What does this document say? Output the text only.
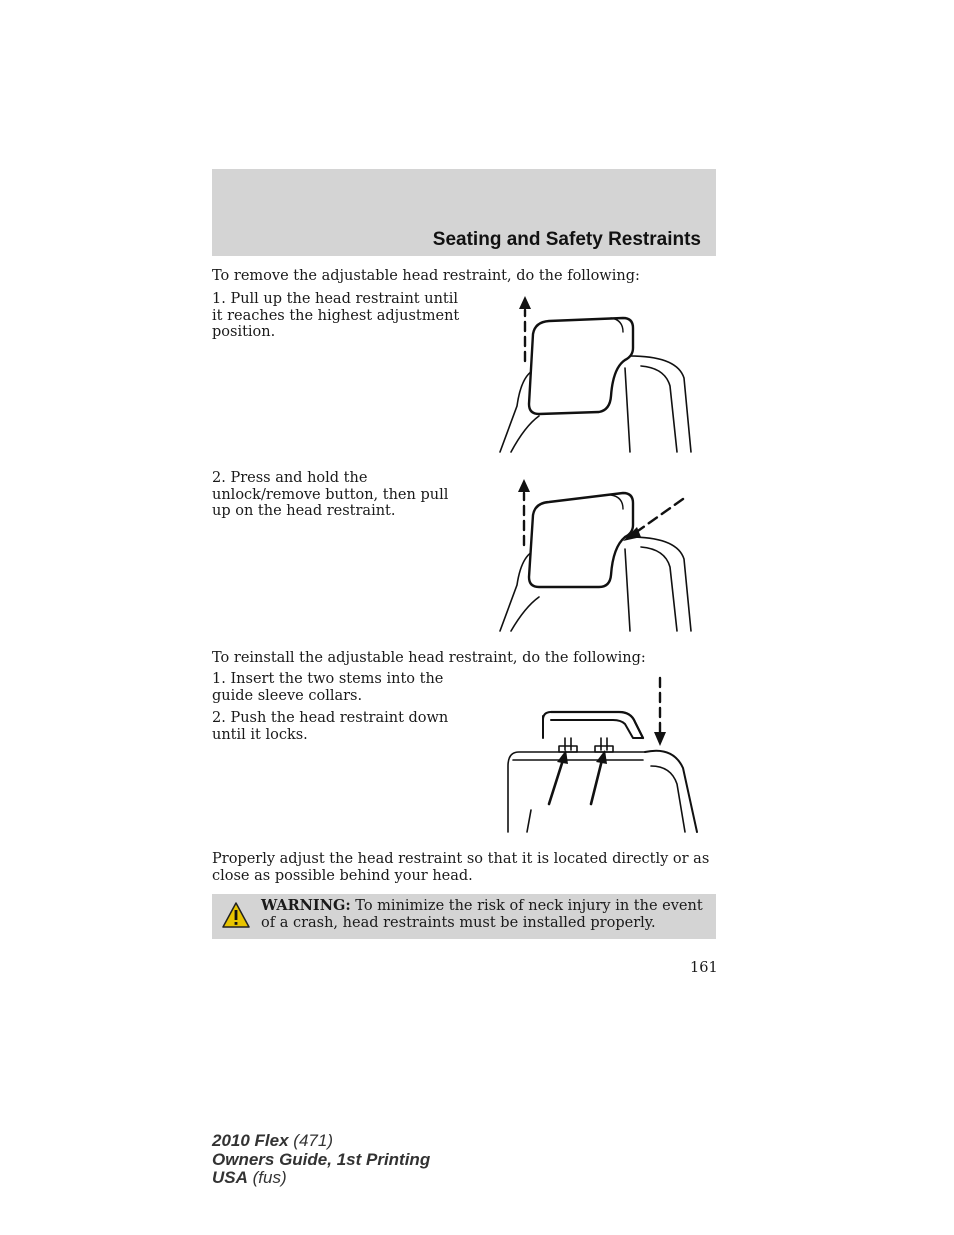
Seating and Safety Restraints

To remove the adjustable head restraint, do the following:

1. Pull up the head restraint until it reaches the highest adjustment position.

2. Press and hold the unlock/remove button, then pull up on the head restraint.

To reinstall the adjustable head restraint, do the following:

1. Insert the two stems into the guide sleeve collars.

2. Push the head restraint down until it locks.

Properly adjust the head restraint so that it is located directly or as close as possible behind your head.

WARNING: To minimize the risk of neck injury in the event of a crash, head restraints must be installed properly.

161

2010 Flex (471)

Owners Guide, 1st Printing

USA (fus)
